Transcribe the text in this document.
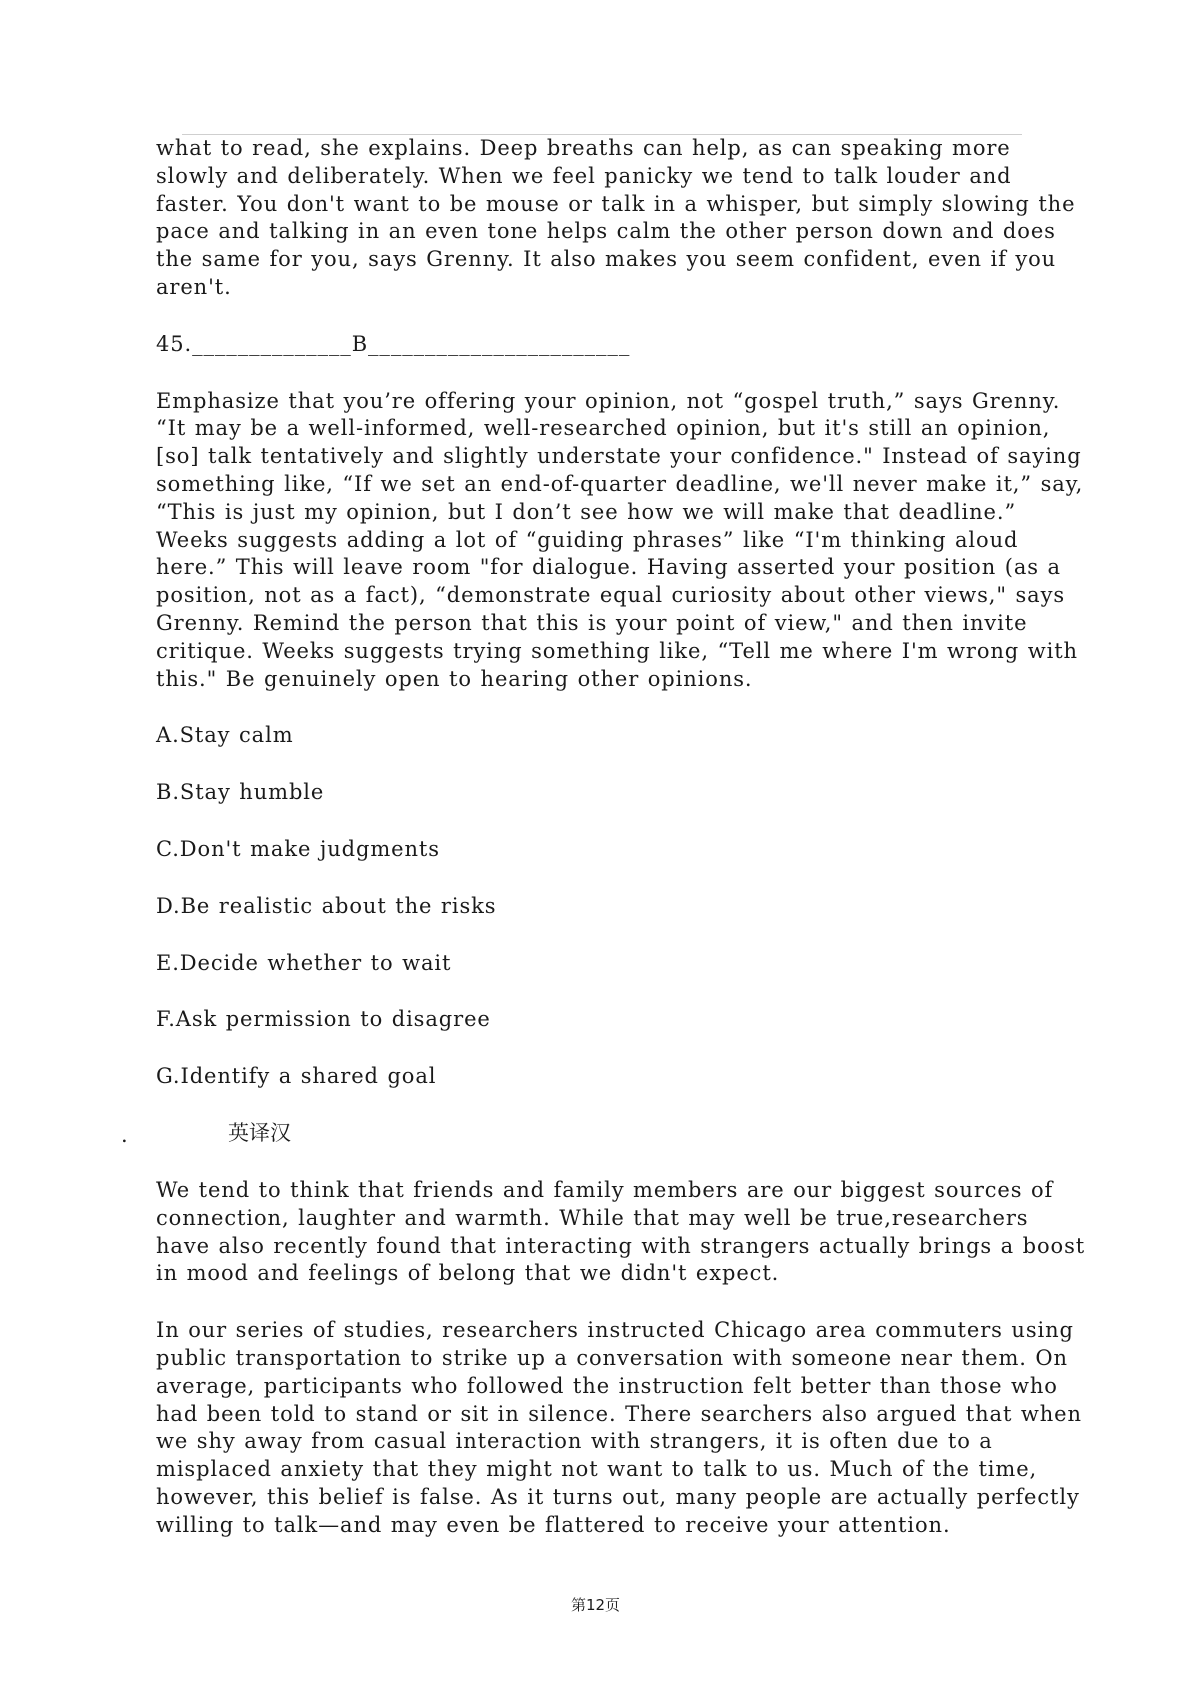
what to read, she explains. Deep breaths can help, as can speaking more slowly and deliberately. When we feel panicky we tend to talk louder and faster. You don't want to be mouse or talk in a whisper, but simply slowing the pace and talking in an even tone helps calm the other person down and does the same for you, says Grenny. It also makes you seem confident, even if you aren't.

45.______________B_______________________

Emphasize that you’re offering your opinion, not “gospel truth,” says Grenny. “It may be a well-informed, well-researched opinion, but it's still an opinion, [so] talk tentatively and slightly understate your confidence." Instead of saying something like, “If we set an end-of-quarter deadline, we'll never make it,” say, “This is just my opinion, but I don’t see how we will make that deadline.” Weeks suggests adding a lot of “guiding phrases” like “I'm thinking aloud here.” This will leave room "for dialogue. Having asserted your position (as a position, not as a fact), “demonstrate equal curiosity about other views," says Grenny. Remind the person that this is your point of view," and then invite critique. Weeks suggests trying something like, “Tell me where I'm wrong with this." Be genuinely open to hearing other opinions.

A.Stay calm

B.Stay humble

C.Don't make judgments

D.Be realistic about the risks

E.Decide whether to wait

F.Ask permission to disagree

G.Identify a shared goal

.	英译汉

We tend to think that friends and family members are our biggest sources of connection, laughter and warmth. While that may well be true,researchers have also recently found that interacting with strangers actually brings a boost in mood and feelings of belong that we didn't expect.

In our series of studies, researchers instructed Chicago area commuters using public transportation to strike up a conversation with someone near them. On average, participants who followed the instruction felt better than those who had been told to stand or sit in silence. There searchers also argued that when we shy away from casual interaction with strangers, it is often due to a misplaced anxiety that they might not want to talk to us. Much of the time, however, this belief is false. As it turns out, many people are actually perfectly willing to talk—and may even be flattered to receive your attention.

第12页
